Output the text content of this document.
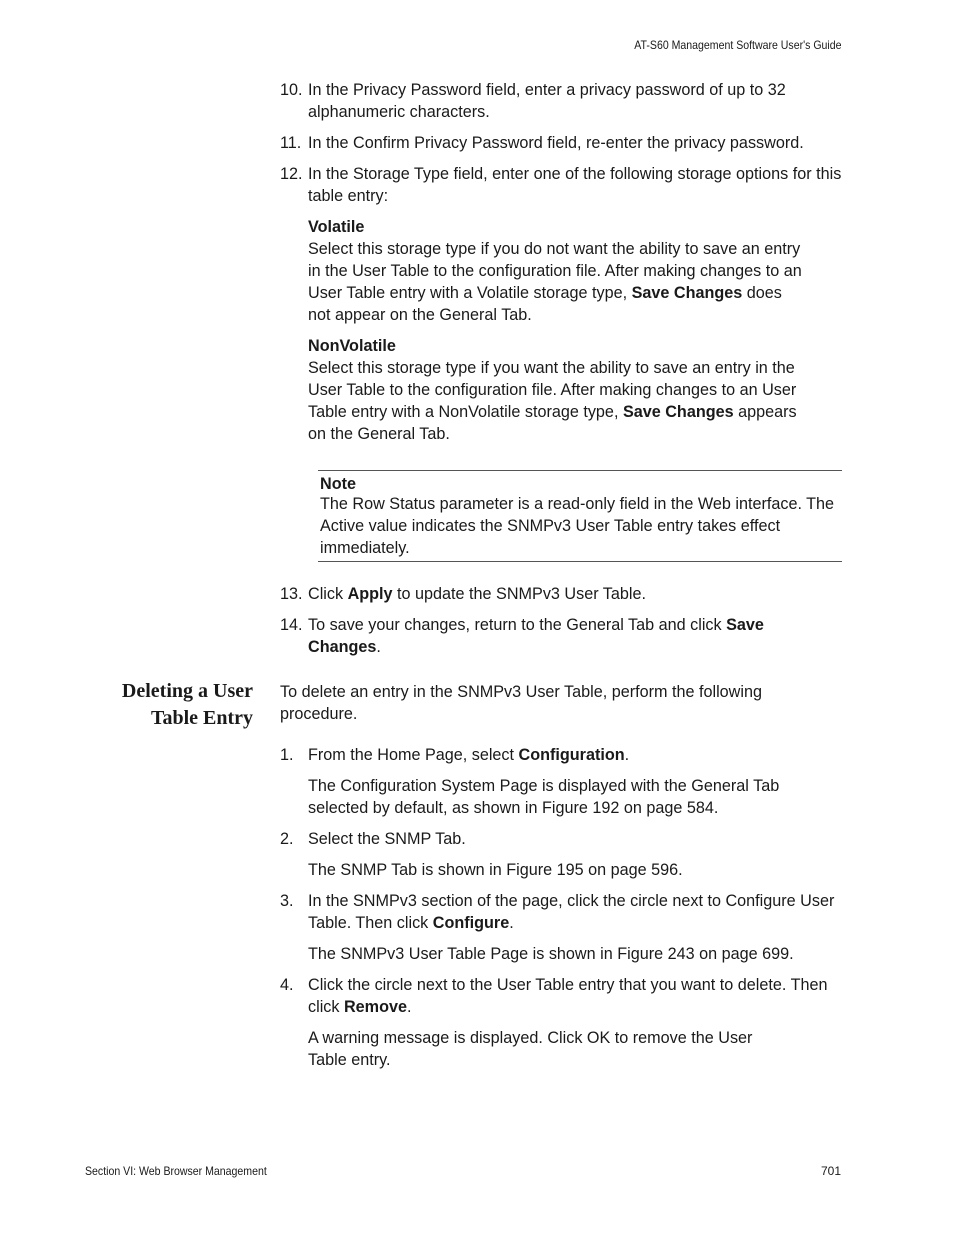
AT-S60 Management Software User's Guide
10. In the Privacy Password field, enter a privacy password of up to 32 alphanumeric characters.
11. In the Confirm Privacy Password field, re-enter the privacy password.
12. In the Storage Type field, enter one of the following storage options for this table entry:
Volatile
Select this storage type if you do not want the ability to save an entry in the User Table to the configuration file. After making changes to an User Table entry with a Volatile storage type, Save Changes does not appear on the General Tab.
NonVolatile
Select this storage type if you want the ability to save an entry in the User Table to the configuration file. After making changes to an User Table entry with a NonVolatile storage type, Save Changes appears on the General Tab.
Note
The Row Status parameter is a read-only field in the Web interface. The Active value indicates the SNMPv3 User Table entry takes effect immediately.
13. Click Apply to update the SNMPv3 User Table.
14. To save your changes, return to the General Tab and click Save Changes.
Deleting a User
Table Entry
To delete an entry in the SNMPv3 User Table, perform the following procedure.
1. From the Home Page, select Configuration.
The Configuration System Page is displayed with the General Tab selected by default, as shown in Figure 192 on page 584.
2. Select the SNMP Tab.
The SNMP Tab is shown in Figure 195 on page 596.
3. In the SNMPv3 section of the page, click the circle next to Configure User Table. Then click Configure.
The SNMPv3 User Table Page is shown in Figure 243 on page 699.
4. Click the circle next to the User Table entry that you want to delete. Then click Remove.
A warning message is displayed. Click OK to remove the User Table entry.
Section VI: Web Browser Management	701
